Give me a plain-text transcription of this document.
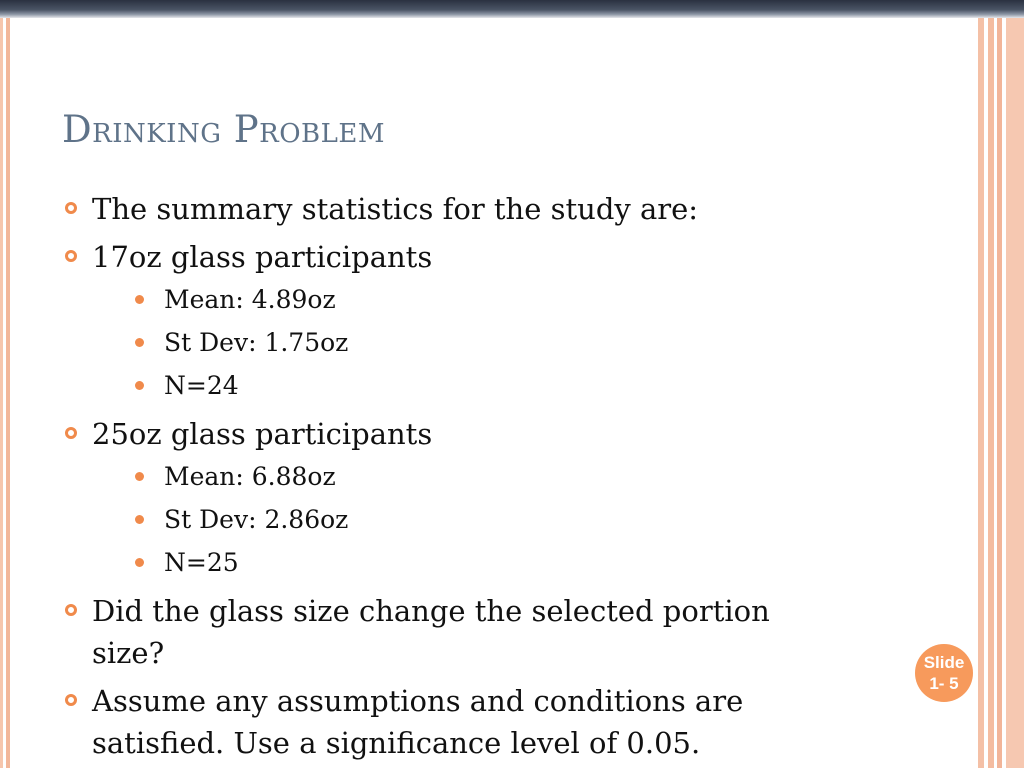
Drinking Problem
The summary statistics for the study are:
17oz glass participants
Mean: 4.89oz
St Dev: 1.75oz
N=24
25oz glass participants
Mean: 6.88oz
St Dev: 2.86oz
N=25
Did the glass size change the selected portion size?
Assume any assumptions and conditions are satisfied. Use a significance level of 0.05.
Slide
1- 5
